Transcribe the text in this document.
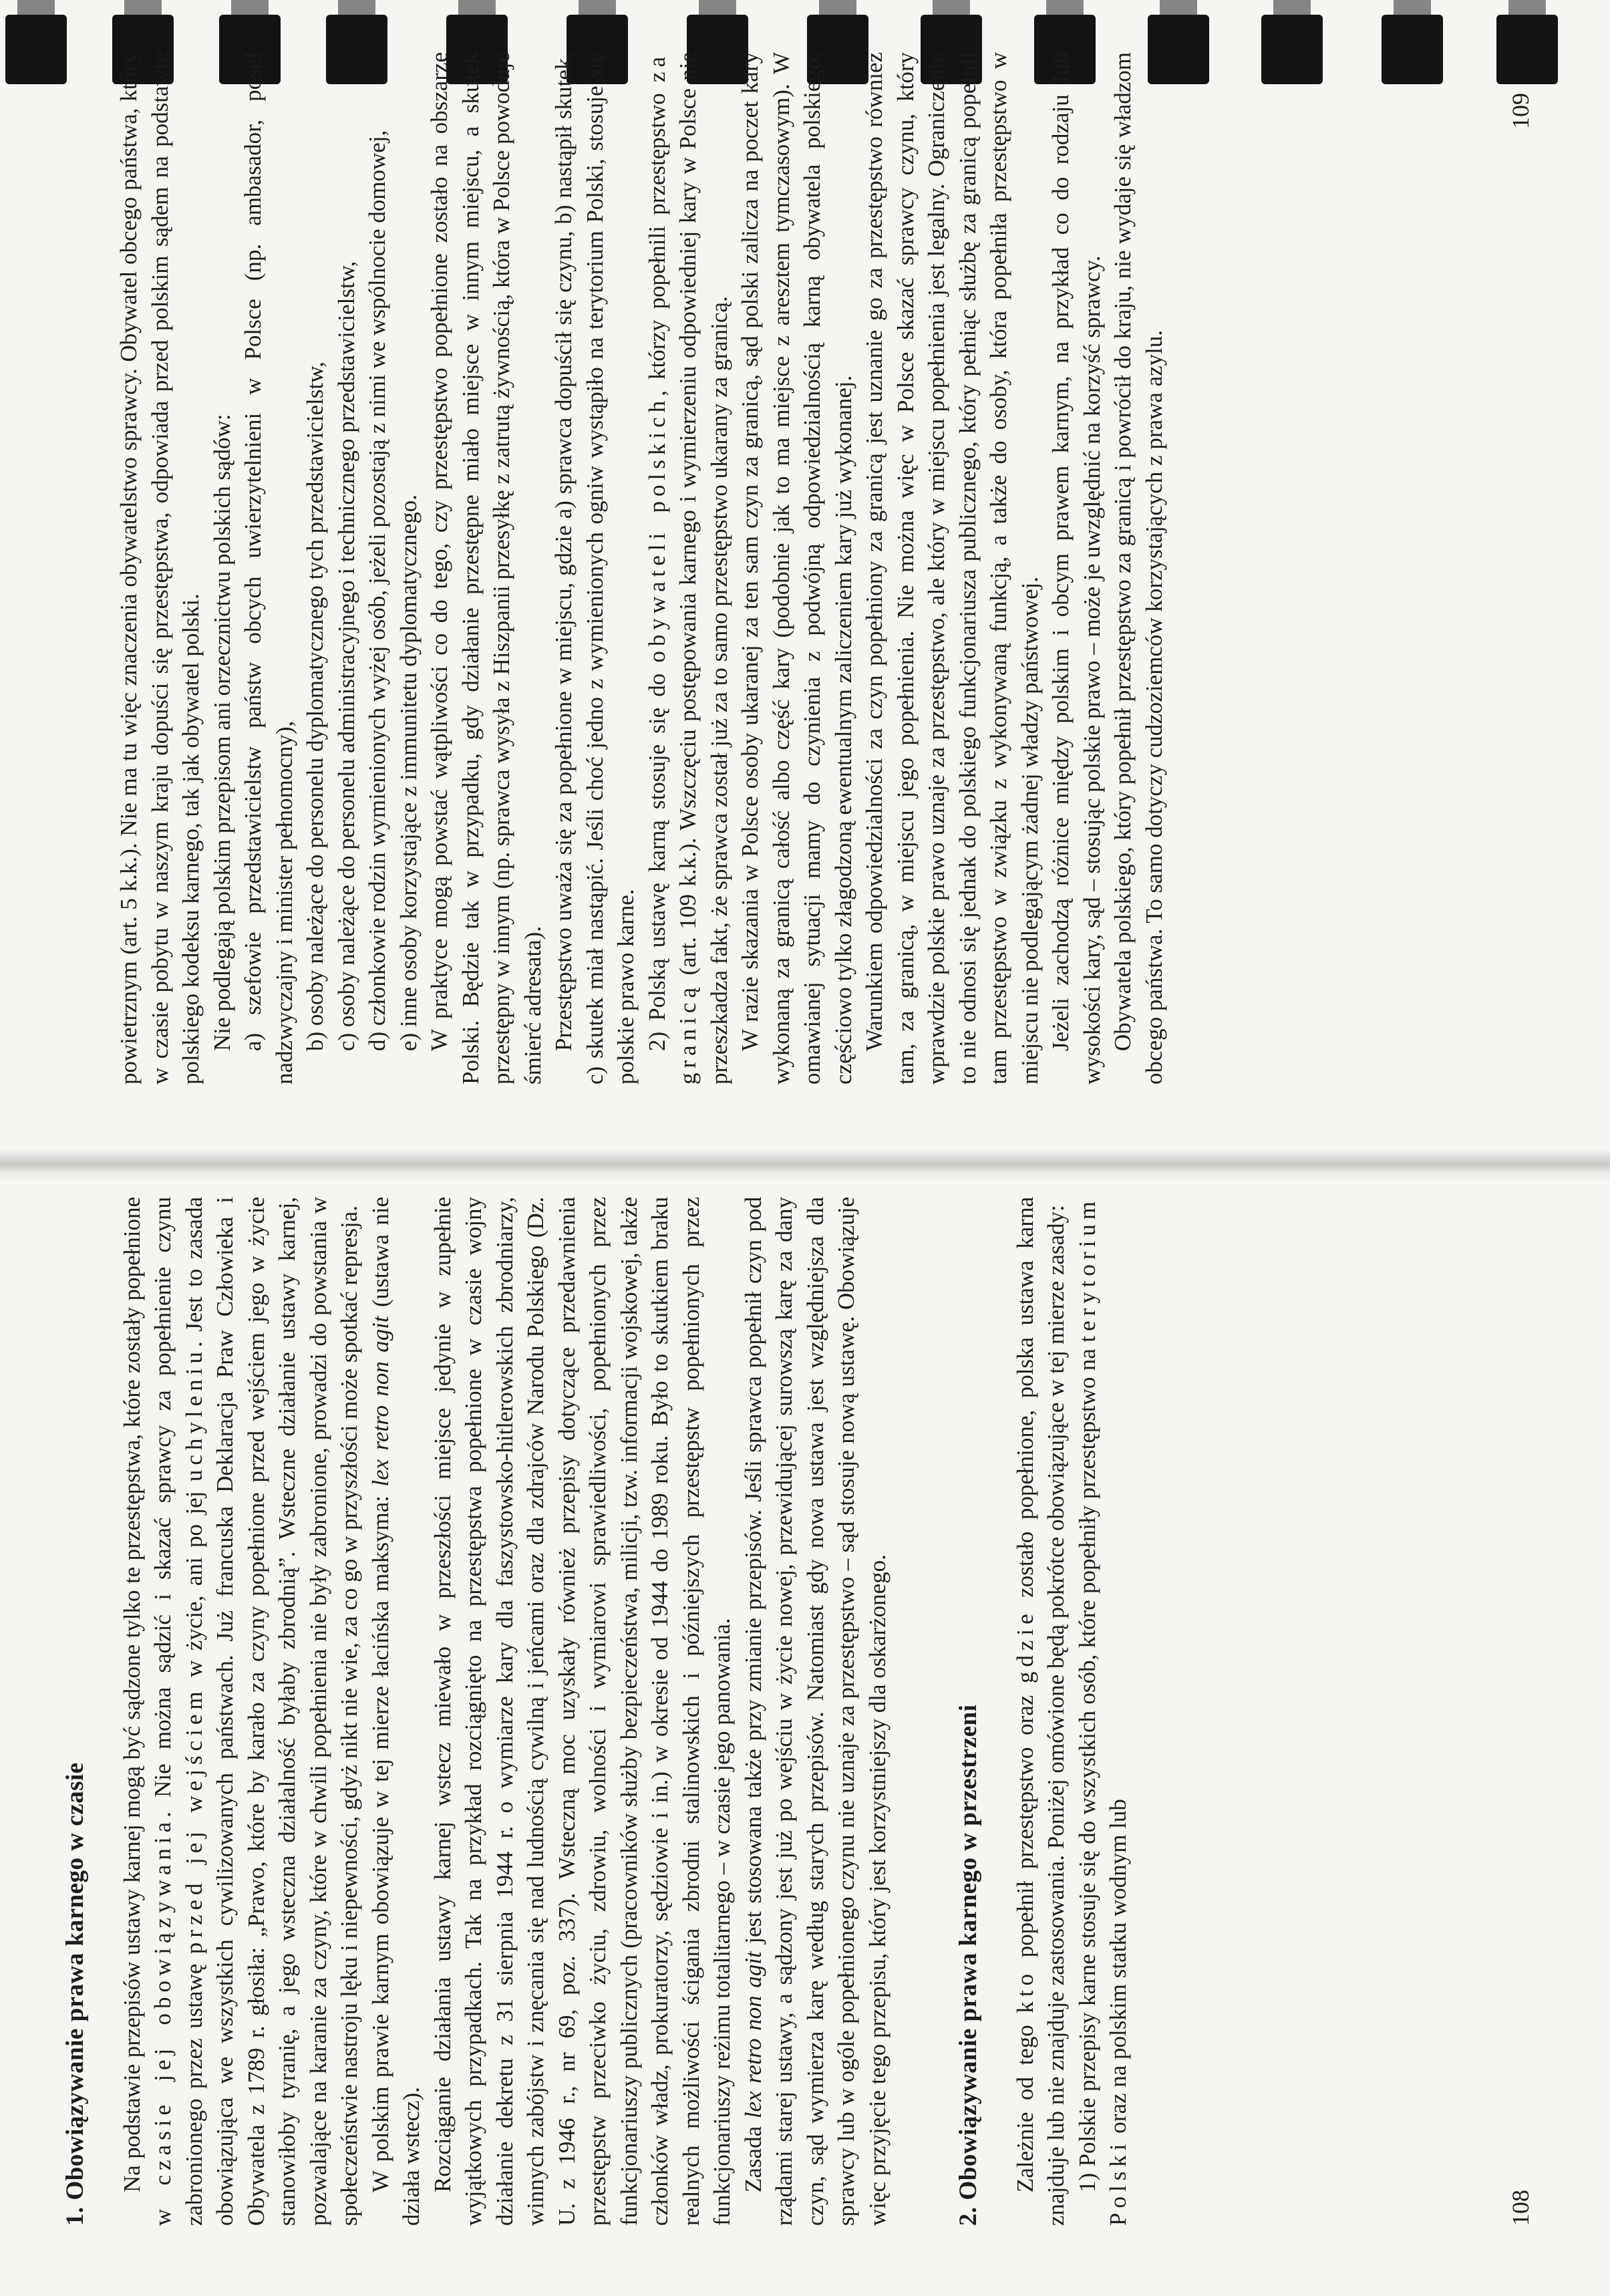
1. Obowiązywanie prawa karnego w czasie Na podstawie przepisów ustawy karnej mogą być sądzone tylko te przestępstwa, które zostały popełnione w czasie jej obowiązywania. Nie można sądzić i skazać sprawcy za popełnienie czynu zabronionego przez ustawę przed jej wejściem w życie, ani po jej uchyleniu. Jest to zasada obowiązująca we wszystkich cywilizowanych państwach. Już francuska Deklaracja Praw Człowieka i Obywatela z 1789 r. głosiła: „Prawo, które by karało za czyny popełnione przed wejściem jego w życie stanowiłoby tyranię, a jego wsteczna działalność byłaby zbrodnią”. Wsteczne działanie ustawy karnej, pozwalające na karanie za czyny, które w chwili popełnienia nie były zabronione, prowadzi do powstania w społeczeństwie nastroju lęku i niepewności, gdyż nikt nie wie, za co go w przyszłości może spotkać represja. W polskim prawie karnym obowiązuje w tej mierze łacińska maksyma: lex retro non agit (ustawa nie działa wstecz). Rozciąganie działania ustawy karnej wstecz miewało w przeszłości miejsce jedynie w zupełnie wyjątkowych przypadkach. Tak na przykład rozciągnięto na przestępstwa popełnione w czasie wojny działanie dekretu z 31 sierpnia 1944 r. o wymiarze kary dla faszystowsko-hitlerowskich zbrodniarzy, winnych zabójstw i znęcania się nad ludnością cywilną i jeńcami oraz dla zdrajców Narodu Polskiego (Dz. U. z 1946 r., nr 69, poz. 337). Wsteczną moc uzyskały również przepisy dotyczące przedawnienia przestępstw przeciwko życiu, zdrowiu, wolności i wymiarowi sprawiedliwości, popełnionych przez funkcjonariuszy publicznych (pracowników służby bezpieczeństwa, milicji, tzw. informacji wojskowej, także członków władz, prokuratorzy, sędziowie i in.) w okresie od 1944 do 1989 roku. Było to skutkiem braku realnych możliwości ścigania zbrodni stalinowskich i późniejszych przestępstw popełnionych przez funkcjonariuszy reżimu totalitarnego – w czasie jego panowania. Zasada lex retro non agit jest stosowana także przy zmianie przepisów. Jeśli sprawca popełnił czyn pod rządami starej ustawy, a sądzony jest już po wejściu w życie nowej, przewidującej surowszą karę za dany czyn, sąd wymierza karę według starych przepisów. Natomiast gdy nowa ustawa jest względniejsza dla sprawcy lub w ogóle popełnionego czynu nie uznaje za przestępstwo – sąd stosuje nową ustawę. Obowiązuje więc przyjęcie tego przepisu, który jest korzystniejszy dla oskarżonego.	2. Obowiązywanie prawa karnego w przestrzeni Zależnie od tego kto popełnił przestępstwo oraz gdzie zostało popełnione, polska ustawa karna znajduje lub nie znajduje zastosowania. Poniżej omówione będą pokrótce obowiązujące w tej mierze zasady: 1) Polskie przepisy karne stosuje się do wszystkich osób, które popełniły przestępstwo na terytorium Polski oraz na polskim statku wodnym lub

108

powietrznym (art. 5 k.k.). Nie ma tu więc znaczenia obywatelstwo sprawcy. Obywatel obcego państwa, który w czasie pobytu w naszym kraju dopuści się przestępstwa, odpowiada przed polskim sądem na podstawie polskiego kodeksu karnego, tak jak obywatel polski. Nie podlegają polskim przepisom ani orzecznictwu polskich sądów: a) szefowie przedstawicielstw państw obcych uwierzytelnieni w Polsce (np. ambasador, poseł nadzwyczajny i minister pełnomocny), b) osoby należące do personelu dyplomatycznego tych przedstawicielstw, c) osoby należące do personelu administracyjnego i technicznego przedstawicielstw, d) członkowie rodzin wymienionych wyżej osób, jeżeli pozostają z nimi we wspólnocie domowej, e) inne osoby korzystające z immunitetu dyplomatycznego. W praktyce mogą powstać wątpliwości co do tego, czy przestępstwo popełnione zostało na obszarze Polski. Będzie tak w przypadku, gdy działanie przestępne miało miejsce w innym miejscu, a skutek przestępny w innym (np. sprawca wysyła z Hiszpanii przesyłkę z zatrutą żywnością, która w Polsce powoduje śmierć adresata). Przestępstwo uważa się za popełnione w miejscu, gdzie a) sprawca dopuścił się czynu, b) nastąpił skutek, c) skutek miał nastąpić. Jeśli choć jedno z wymienionych ogniw wystąpiło na terytorium Polski, stosuje się polskie prawo karne. 2) Polską ustawę karną stosuje się do obywateli polskich, którzy popełnili przestępstwo za granicą (art. 109 k.k.). Wszczęciu postępowania karnego i wymierzeniu odpowiedniej kary w Polsce nie przeszkadza fakt, że sprawca został już za to samo przestępstwo ukarany za granicą. W razie skazania w Polsce osoby ukaranej za ten sam czyn za granicą, sąd polski zalicza na poczet kary wykonaną za granicą całość albo część kary (podobnie jak to ma miejsce z aresztem tymczasowym). W omawianej sytuacji mamy do czynienia z podwójną odpowiedzialnością karną obywatela polskiego, częściowo tylko złagodzoną ewentualnym zaliczeniem kary już wykonanej. Warunkiem odpowiedzialności za czyn popełniony za granicą jest uznanie go za przestępstwo również tam, za granicą, w miejscu jego popełnienia. Nie można więc w Polsce skazać sprawcy czynu, który wprawdzie polskie prawo uznaje za przestępstwo, ale który w miejscu popełnienia jest legalny. Ograniczenie to nie odnosi się jednak do polskiego funkcjonariusza publicznego, który pełniąc służbę za granicą popełnił tam przestępstwo w związku z wykonywaną funkcją, a także do osoby, która popełniła przestępstwo w miejscu nie podlegającym żadnej władzy państwowej. Jeżeli zachodzą różnice między polskim i obcym prawem karnym, na przykład co do rodzaju lub wysokości kary, sąd – stosując polskie prawo – może je uwzględnić na korzyść sprawcy. Obywatela polskiego, który popełnił przestępstwo za granicą i powrócił do kraju, nie wydaje się władzom obcego państwa. To samo dotyczy cudzoziemców korzystających z prawa azylu.

109
